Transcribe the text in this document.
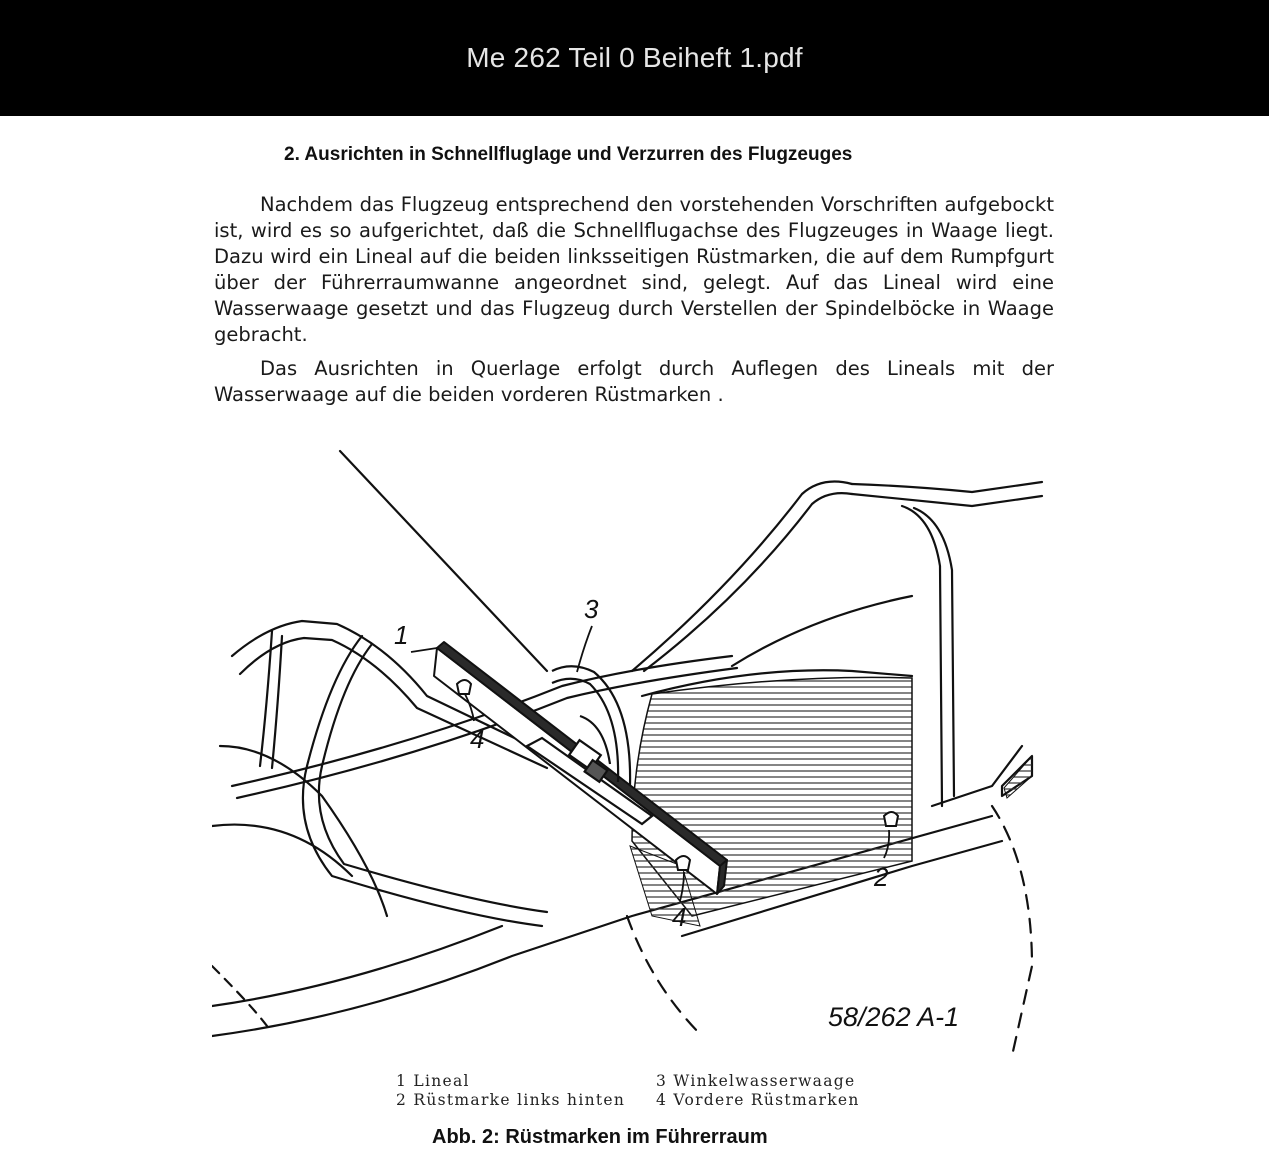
Me 262 Teil 0 Beiheft 1.pdf
2. Ausrichten in Schnellfluglage und Verzurren des Flugzeuges
Nachdem das Flugzeug entsprechend den vorstehenden Vorschriften aufgebockt ist, wird es so aufgerichtet, daß die Schnellflugachse des Flugzeuges in Waage liegt. Dazu wird ein Lineal auf die beiden linksseitigen Rüstmarken, die auf dem Rumpfgurt über der Führerraumwanne angeordnet sind, gelegt. Auf das Lineal wird eine Wasserwaage gesetzt und das Flugzeug durch Verstellen der Spindelböcke in Waage gebracht.
Das Ausrichten in Querlage erfolgt durch Auflegen des Lineals mit der Wasserwaage auf die beiden vorderen Rüstmarken .
1
3
4
2
4
58/262 A-1
1 Lineal	3 Winkelwasserwaage
2 Rüstmarke links hinten	4 Vordere Rüstmarken
Abb. 2: Rüstmarken im Führerraum
